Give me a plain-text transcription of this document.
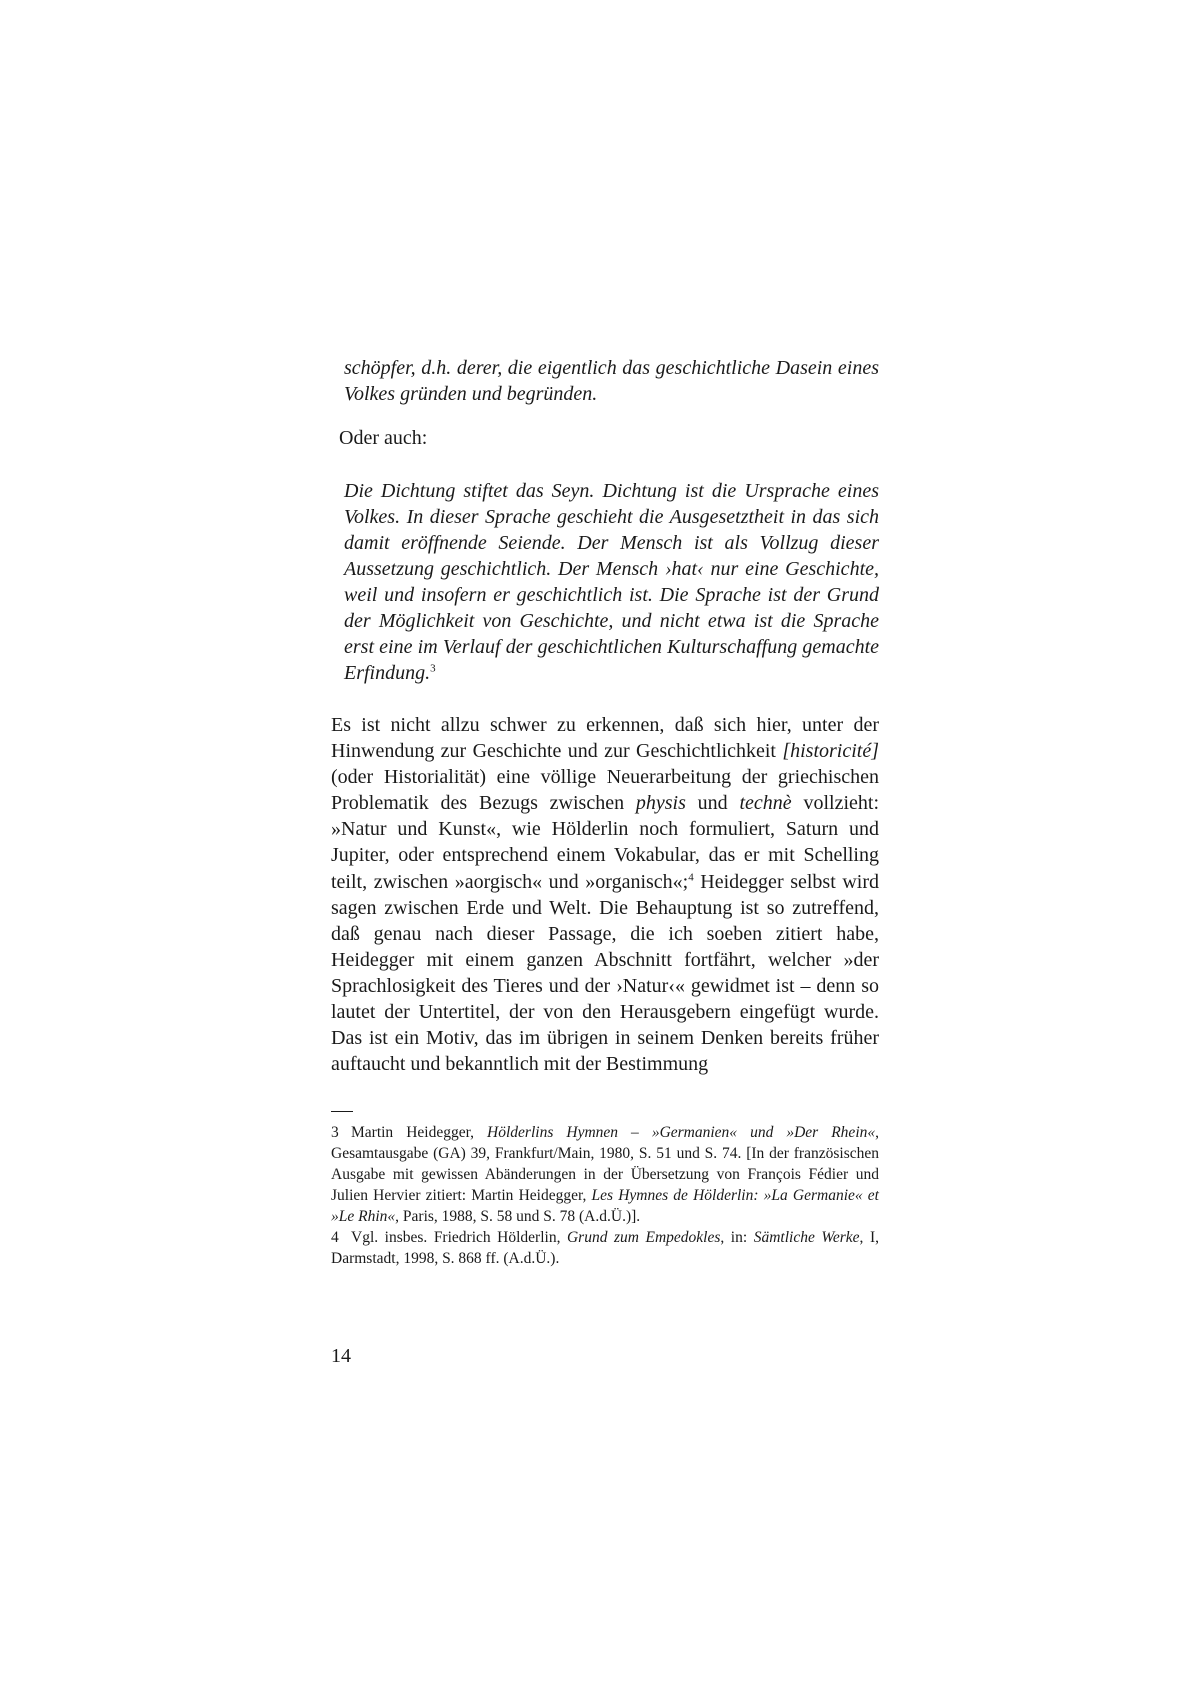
schöpfer, d.h. derer, die eigentlich das geschichtliche Dasein eines Volkes gründen und begründen.

Oder auch:

Die Dichtung stiftet das Seyn. Dichtung ist die Ursprache eines Volkes. In dieser Sprache geschieht die Ausgesetztheit in das sich damit eröffnende Seiende. Der Mensch ist als Vollzug dieser Aussetzung geschichtlich. Der Mensch ›hat‹ nur eine Geschichte, weil und insofern er geschichtlich ist. Die Sprache ist der Grund der Möglichkeit von Geschichte, und nicht etwa ist die Sprache erst eine im Verlauf der geschichtlichen Kulturschaffung gemachte Erfindung.$^3$

Es ist nicht allzu schwer zu erkennen, daß sich hier, unter der Hinwendung zur Geschichte und zur Geschichtlichkeit [historicité] (oder Historialität) eine völlige Neuerarbeitung der griechischen Problematik des Bezugs zwischen physis und technè vollzieht: »Natur und Kunst«, wie Hölderlin noch formuliert, Saturn und Jupiter, oder entsprechend einem Vokabular, das er mit Schelling teilt, zwischen »aorgisch« und »organisch«;$^4$ Heidegger selbst wird sagen zwischen Erde und Welt. Die Behauptung ist so zutreffend, daß genau nach dieser Passage, die ich soeben zitiert habe, Heidegger mit einem ganzen Abschnitt fortfährt, welcher »der Sprachlosigkeit des Tieres und der ›Natur‹« gewidmet ist – denn so lautet der Untertitel, der von den Herausgebern eingefügt wurde. Das ist ein Motiv, das im übrigen in seinem Denken bereits früher auftaucht und bekanntlich mit der Bestimmung

3 Martin Heidegger, Hölderlins Hymnen – »Germanien« und »Der Rhein«, Gesamtausgabe (GA) 39, Frankfurt/Main, 1980, S. 51 und S. 74. [In der französischen Ausgabe mit gewissen Abänderungen in der Übersetzung von François Fédier und Julien Hervier zitiert: Martin Heidegger, Les Hymnes de Hölderlin: »La Germanie« et »Le Rhin«, Paris, 1988, S. 58 und S. 78 (A.d.Ü.)].

4 Vgl. insbes. Friedrich Hölderlin, Grund zum Empedokles, in: Sämtliche Werke, I, Darmstadt, 1998, S. 868 ff. (A.d.Ü.).

14
